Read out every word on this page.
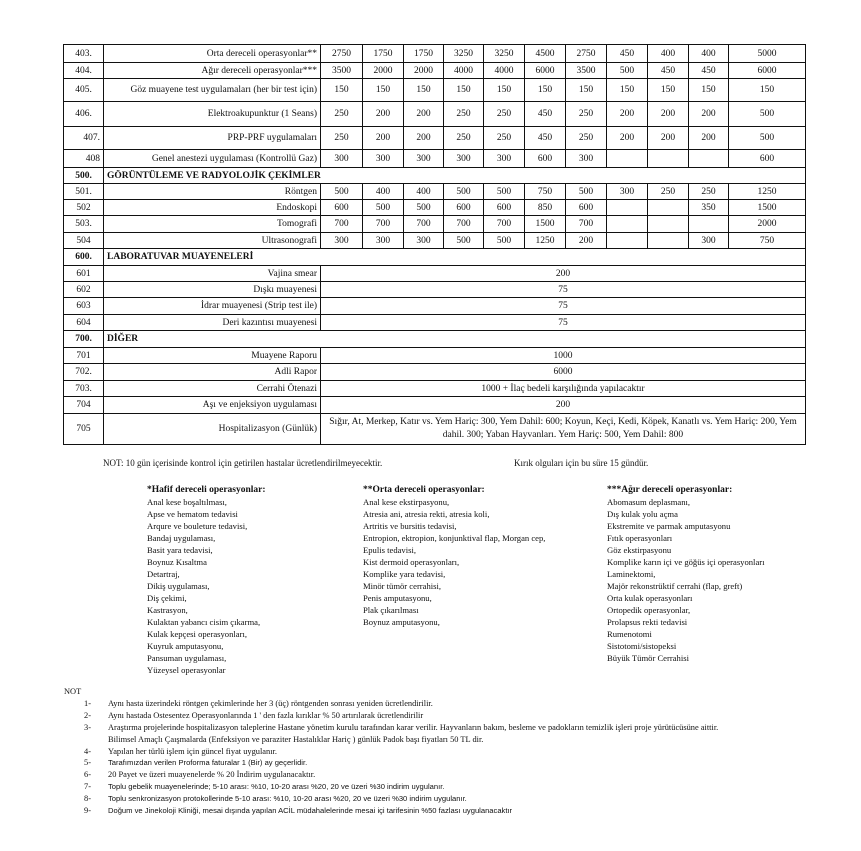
403.	Orta dereceli operasyonlar**	2750	1750	1750	3250	3250	4500	2750	450	400	400	5000
404.	Ağır dereceli operasyonlar***	3500	2000	2000	4000	4000	6000	3500	500	450	450	6000
405.	Göz muayene test uygulamaları (her bir test için)	150	150	150	150	150	150	150	150	150	150	150
406.	Elektroakupunktur (1 Seans)	250	200	200	250	250	450	250	200	200	200	500
407.	PRP-PRF uygulamaları	250	200	200	250	250	450	250	200	200	200	500
408	Genel anestezi uygulaması (Kontrollü Gaz)	300	300	300	300	300	600	300				600
500.	GÖRÜNTÜLEME VE RADYOLOJİK ÇEKİMLER											
501.	Röntgen	500	400	400	500	500	750	500	300	250	250	1250
502	Endoskopi	600	500	500	600	600	850	600			350	1500
503.	Tomografi	700	700	700	700	700	1500	700				2000
504	Ultrasonografi	300	300	300	500	500	1250	200			300	750
600.	LABORATUVAR MUAYENELERİ											
601	Vajina smear	200										
602	Dışkı muayenesi	75										
603	İdrar muayenesi (Strip test ile)	75										
604	Deri kazıntısı muayenesi	75										
700.	DİĞER											
701	Muayene Raporu	1000										
702.	Adli Rapor	6000										
703.	Cerrahi Ötenazi	1000 + İlaç bedeli karşılığında yapılacaktır										
704	Aşı ve enjeksiyon uygulaması	200										
705	Hospitalizasyon (Günlük)	Sığır, At, Merkep, Katır vs. Yem Hariç: 300, Yem Dahil: 600; Koyun, Keçi, Kedi, Köpek, Kanatlı vs. Yem Hariç: 200, Yem dahil. 300; Yaban Hayvanları. Yem Hariç: 500, Yem Dahil: 800										
NOT: 10 gün içerisinde kontrol için getirilen hastalar ücretlendirilmeyecektir.	Kırık olguları için bu süre 15 gündür.
*Hafif dereceli operasyonlar:
Anal kese boşaltılması,
Apse ve hematom tedavisi
Arqure ve bouleture tedavisi,
Bandaj uygulaması,
Basit yara tedavisi,
Boynuz Kısaltma
Detartraj,
Dikiş uygulaması,
Diş çekimi,
Kastrasyon,
Kulaktan yabancı cisim çıkarma,
Kulak kepçesi operasyonları,
Kuyruk amputasyonu,
Pansuman uygulaması,
Yüzeysel operasyonlar
**Orta dereceli operasyonlar:
Anal kese ekstirpasyonu,
Atresia ani, atresia rekti, atresia koli,
Artritis ve bursitis tedavisi,
Entropion, ektropion, konjunktival flap, Morgan cep,
Epulis tedavisi,
Kist dermoid operasyonları,
Komplike yara tedavisi,
Minör tümör cerrahisi,
Penis amputasyonu,
Plak çıkarılması
Boynuz amputasyonu,
***Ağır dereceli operasyonlar:
Abomasum deplasmanı,
Dış kulak yolu açma
Ekstremite ve parmak amputasyonu
Fıtık operasyonları
Göz ekstirpasyonu
Komplike karın içi ve göğüs içi operasyonları
Laminektomi,
Majör rekonstrüktif cerrahi (flap, greft)
Orta kulak operasyonları
Ortopedik operasyonlar,
Prolapsus rekti tedavisi
Rumenotomi
Sistotomi/sistopeksi
Büyük Tümör Cerrahisi
NOT
1-	Aynı hasta üzerindeki röntgen çekimlerinde her 3 (üç) röntgenden sonrası yeniden ücretlendirilir.
2-	Aynı hastada Ostesentez Operasyonlarında 1 ' den fazla kırıklar % 50 artırılarak ücretlendirilir
3-	Araştırma projelerinde hospitalizasyon taleplerine Hastane yönetim kurulu tarafından karar verilir. Hayvanların bakım, besleme ve padokların temizlik işleri proje yürütücüsüne aittir.
Bilimsel Amaçlı Çaışmalarda (Enfeksiyon ve paraziter Hastalıklar Hariç ) günlük Padok başı fiyatları 50 TL dir.
4-	Yapılan her türlü işlem için güncel fiyat uygulanır.
5-	Tarafımızdan verilen Proforma faturalar 1 (Bir) ay geçerlidir.
6-	20 Payet ve üzeri muayenelerde % 20 İndirim uygulanacaktır.
7-	Toplu gebelik muayenelerinde; 5-10 arası: %10, 10-20 arası %20, 20 ve üzeri %30 indirim uygulanır.
8-	Toplu senkronizasyon protokollerinde 5-10 arası: %10, 10-20 arası %20, 20 ve üzeri %30 indirim uygulanır.
9-	Doğum ve Jinekoloji Kliniği, mesai dışında yapılan ACİL müdahalelerinde mesai içi tarifesinin %50 fazlası uygulanacaktır
